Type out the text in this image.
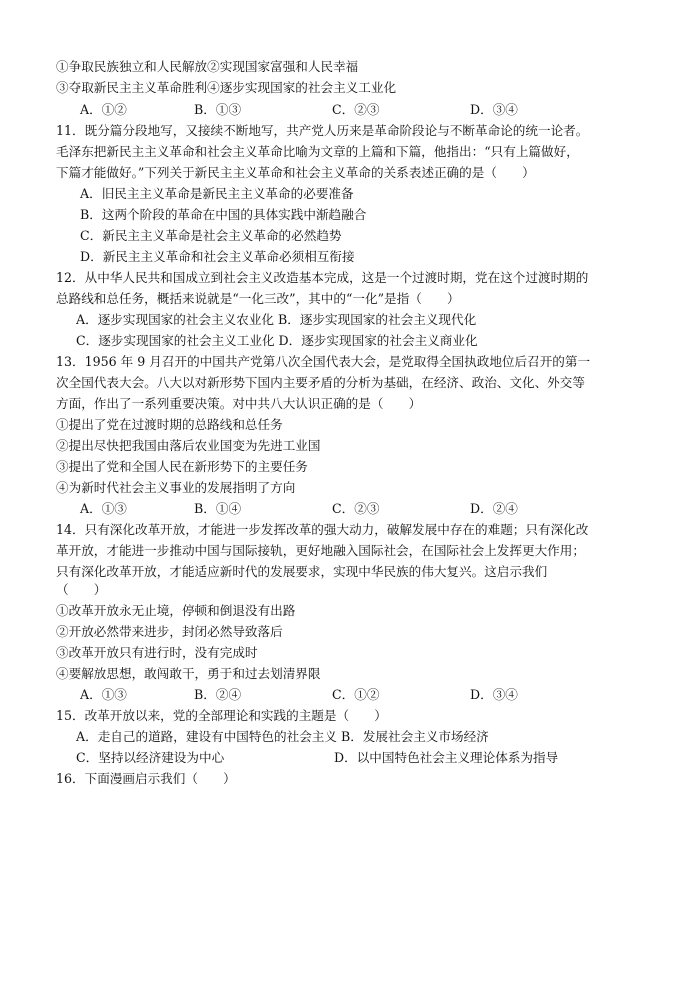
①争取民族独立和人民解放②实现国家富强和人民幸福
③夺取新民主主义革命胜利④逐步实现国家的社会主义工业化
A．①②	B．①③	C．②③	D．③④
11．既分篇分段地写，又接续不断地写，共产党人历来是革命阶段论与不断革命论的统一论者。
毛泽东把新民主主义革命和社会主义革命比喻为文章的上篇和下篇，他指出：“只有上篇做好，
下篇才能做好。”下列关于新民主主义革命和社会主义革命的关系表述正确的是（　　）
A．旧民主主义革命是新民主主义革命的必要准备
B．这两个阶段的革命在中国的具体实践中渐趋融合
C．新民主主义革命是社会主义革命的必然趋势
D．新民主主义革命和社会主义革命必须相互衔接
12．从中华人民共和国成立到社会主义改造基本完成，这是一个过渡时期，党在这个过渡时期的
总路线和总任务，概括来说就是“一化三改”，其中的“一化”是指（　　）
A．逐步实现国家的社会主义农业化 B．逐步实现国家的社会主义现代化
C．逐步实现国家的社会主义工业化 D．逐步实现国家的社会主义商业化
13．1956 年 9 月召开的中国共产党第八次全国代表大会，是党取得全国执政地位后召开的第一
次全国代表大会。八大以对新形势下国内主要矛盾的分析为基础，在经济、政治、文化、外交等
方面，作出了一系列重要决策。对中共八大认识正确的是（　　）
①提出了党在过渡时期的总路线和总任务
②提出尽快把我国由落后农业国变为先进工业国
③提出了党和全国人民在新形势下的主要任务
④为新时代社会主义事业的发展指明了方向
A．①③	B．①④	C．②③	D．②④
14．只有深化改革开放，才能进一步发挥改革的强大动力，破解发展中存在的难题；只有深化改
革开放，才能进一步推动中国与国际接轨，更好地融入国际社会，在国际社会上发挥更大作用；
只有深化改革开放，才能适应新时代的发展要求，实现中华民族的伟大复兴。这启示我们
（　　）
①改革开放永无止境，停顿和倒退没有出路
②开放必然带来进步，封闭必然导致落后
③改革开放只有进行时，没有完成时
④要解放思想，敢闯敢干，勇于和过去划清界限
A．①③	B．②④	C．①②	D．③④
15．改革开放以来，党的全部理论和实践的主题是（　　）
A．走自己的道路，建设有中国特色的社会主义 B．发展社会主义市场经济
C．坚持以经济建设为中心	D．以中国特色社会主义理论体系为指导
16．下面漫画启示我们（　　）
